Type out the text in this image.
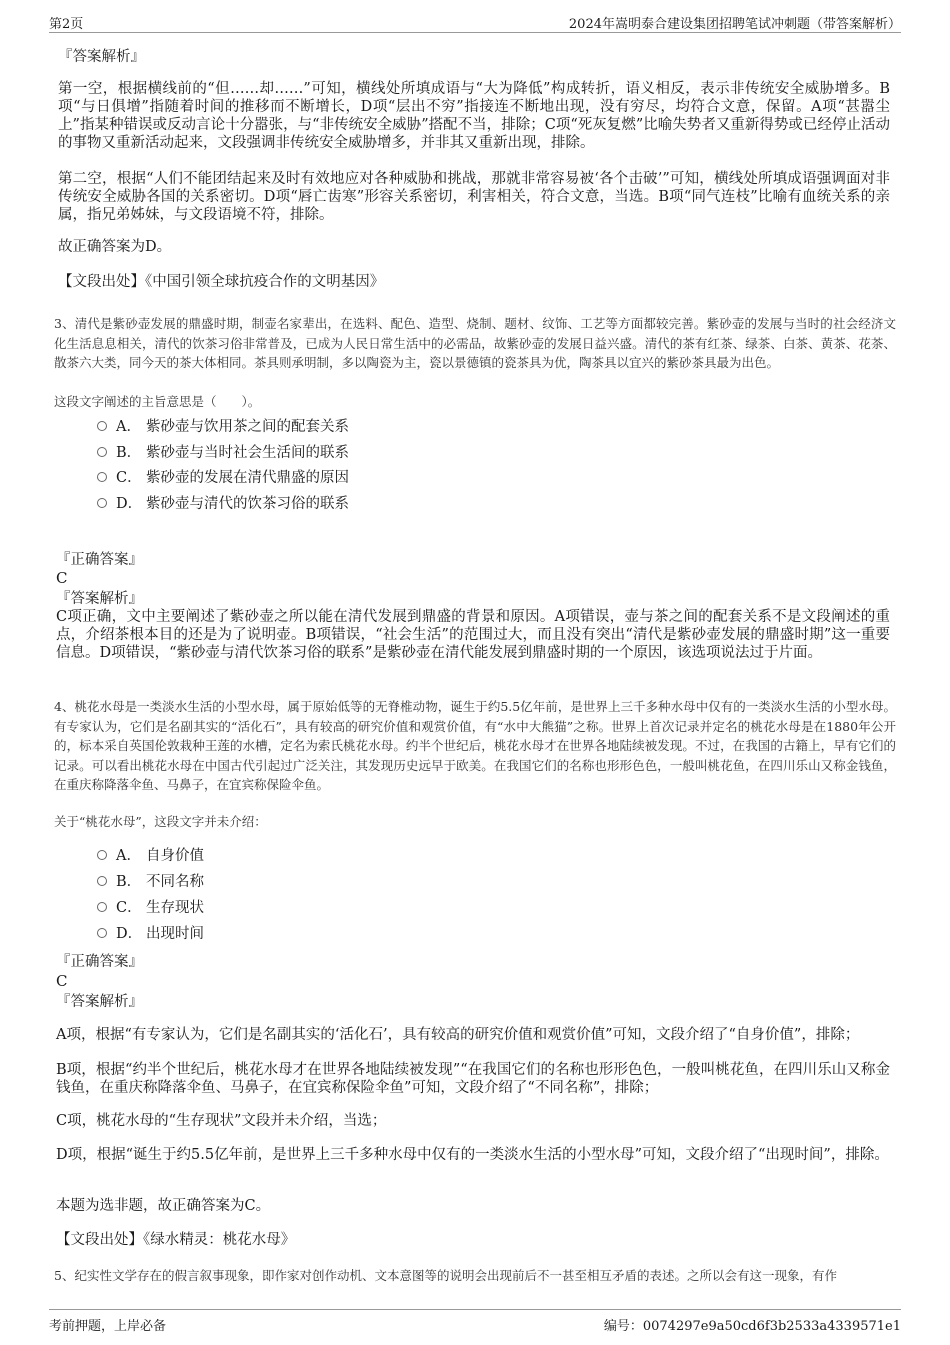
第2页	2024年嵩明泰合建设集团招聘笔试冲刺题（带答案解析）
『答案解析』
第一空，根据横线前的“但……却……”可知，横线处所填成语与“大为降低”构成转折，语义相反，表示非传统安全威胁增多。B项“与日俱增”指随着时间的推移而不断增长，D项“层出不穷”指接连不断地出现，没有穷尽，均符合文意，保留。A项“甚嚣尘上”指某种错误或反动言论十分嚣张，与“非传统安全威胁”搭配不当，排除；C项“死灰复燃”比喻失势者又重新得势或已经停止活动的事物又重新活动起来，文段强调非传统安全威胁增多，并非其又重新出现，排除。
第二空，根据“人们不能团结起来及时有效地应对各种威胁和挑战，那就非常容易被‘各个击破’”可知，横线处所填成语强调面对非传统安全威胁各国的关系密切。D项“唇亡齿寒”形容关系密切，利害相关，符合文意，当选。B项“同气连枝”比喻有血统关系的亲属，指兄弟姊妹，与文段语境不符，排除。
故正确答案为D。
【文段出处】《中国引领全球抗疫合作的文明基因》
3、清代是紫砂壶发展的鼎盛时期，制壶名家辈出，在选料、配色、造型、烧制、题材、纹饰、工艺等方面都较完善。紫砂壶的发展与当时的社会经济文化生活息息相关，清代的饮茶习俗非常普及，已成为人民日常生活中的必需品，故紫砂壶的发展日益兴盛。清代的茶有红茶、绿茶、白茶、黄茶、花茶、散茶六大类，同今天的茶大体相同。茶具则承明制，多以陶瓷为主，瓷以景德镇的瓷茶具为优，陶茶具以宜兴的紫砂茶具最为出色。
这段文字阐述的主旨意思是（　　）。
A． 紫砂壶与饮用茶之间的配套关系
B． 紫砂壶与当时社会生活间的联系
C． 紫砂壶的发展在清代鼎盛的原因
D． 紫砂壶与清代的饮茶习俗的联系
『正确答案』
C
『答案解析』
C项正确，文中主要阐述了紫砂壶之所以能在清代发展到鼎盛的背景和原因。A项错误，壶与茶之间的配套关系不是文段阐述的重点，介绍茶根本目的还是为了说明壶。B项错误，“社会生活”的范围过大，而且没有突出“清代是紫砂壶发展的鼎盛时期”这一重要信息。D项错误，“紫砂壶与清代饮茶习俗的联系”是紫砂壶在清代能发展到鼎盛时期的一个原因，该选项说法过于片面。
4、桃花水母是一类淡水生活的小型水母，属于原始低等的无脊椎动物，诞生于约5.5亿年前，是世界上三千多种水母中仅有的一类淡水生活的小型水母。有专家认为，它们是名副其实的“活化石”，具有较高的研究价值和观赏价值，有“水中大熊猫”之称。世界上首次记录并定名的桃花水母是在1880年公开的，标本采自英国伦敦栽种王莲的水槽，定名为索氏桃花水母。约半个世纪后，桃花水母才在世界各地陆续被发现。不过，在我国的古籍上，早有它们的记录。可以看出桃花水母在中国古代引起过广泛关注，其发现历史远早于欧美。在我国它们的名称也形形色色，一般叫桃花鱼，在四川乐山又称金钱鱼，在重庆称降落伞鱼、马鼻子，在宜宾称保险伞鱼。
关于“桃花水母”，这段文字并未介绍：
A． 自身价值
B． 不同名称
C． 生存现状
D． 出现时间
『正确答案』
C
『答案解析』
A项，根据“有专家认为，它们是名副其实的‘活化石’，具有较高的研究价值和观赏价值”可知，文段介绍了“自身价值”，排除；
B项，根据“约半个世纪后，桃花水母才在世界各地陆续被发现”“在我国它们的名称也形形色色，一般叫桃花鱼，在四川乐山又称金钱鱼，在重庆称降落伞鱼、马鼻子，在宜宾称保险伞鱼”可知，文段介绍了“不同名称”，排除；
C项，桃花水母的“生存现状”文段并未介绍，当选；
D项，根据“诞生于约5.5亿年前，是世界上三千多种水母中仅有的一类淡水生活的小型水母”可知，文段介绍了“出现时间”，排除。
本题为选非题，故正确答案为C。
【文段出处】《绿水精灵：桃花水母》
5、纪实性文学存在的假言叙事现象，即作家对创作动机、文本意图等的说明会出现前后不一甚至相互矛盾的表述。之所以会有这一现象，有作
考前押题，上岸必备	编号：0074297e9a50cd6f3b2533a4339571e1
